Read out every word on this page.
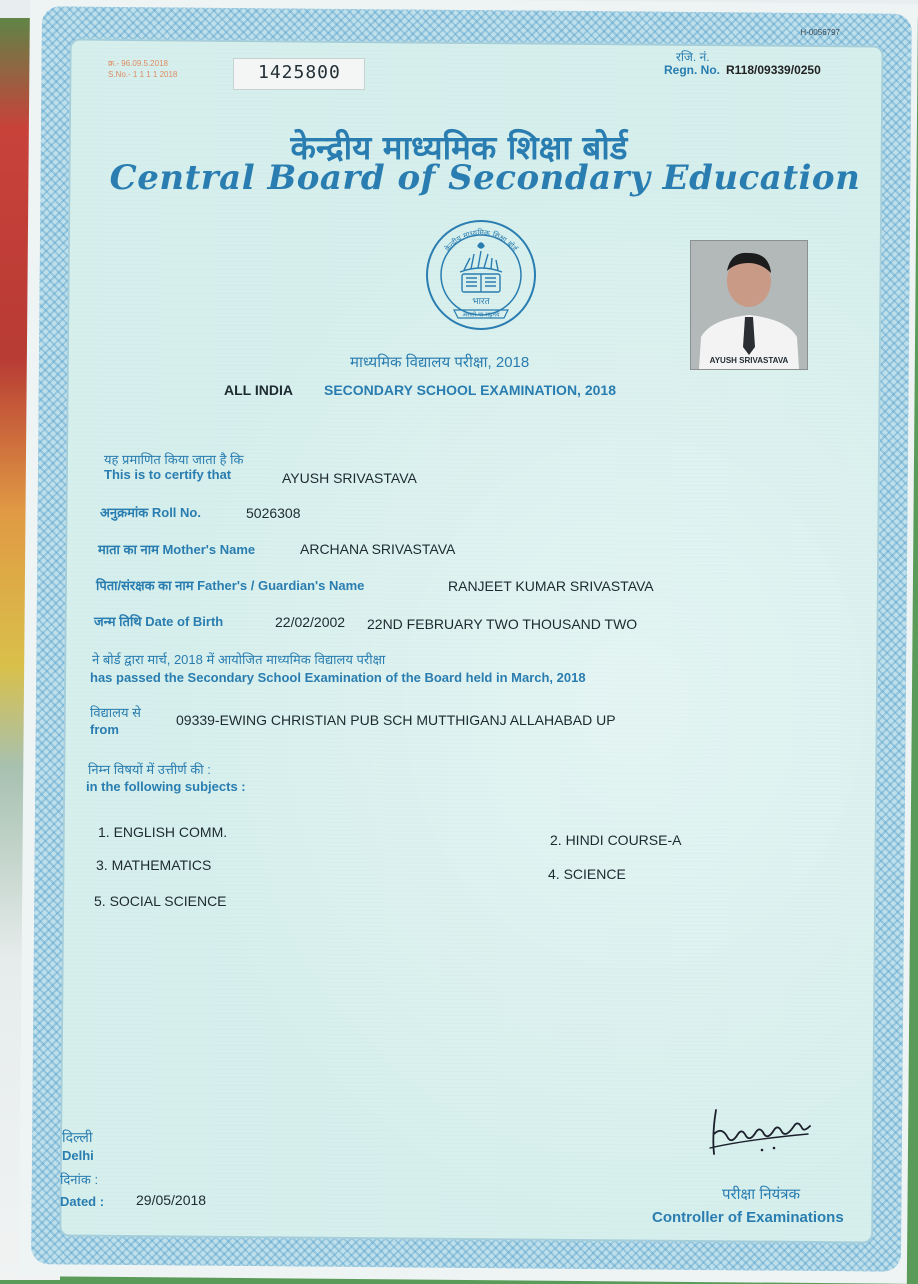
H-0056797
क्र.- 96.09.5.2018
S.No.- 1 1 1 1 2018	1425800
रजि. नं.
Regn. No. R118/09339/0250
केन्द्रीय माध्यमिक शिक्षा बोर्ड
Central Board of Secondary Education
केन्द्रीय माध्यमिक शिक्षा बोर्ड
भारत
असतो मा सद्गमय
AYUSH SRIVASTAVA
माध्यमिक विद्यालय परीक्षा, 2018
ALL INDIA SECONDARY SCHOOL EXAMINATION, 2018
यह प्रमाणित किया जाता है कि
This is to certify that	AYUSH SRIVASTAVA
अनुक्रमांक Roll No.	5026308
माता का नाम Mother's Name	ARCHANA SRIVASTAVA
पिता/संरक्षक का नाम Father's / Guardian's Name	RANJEET KUMAR SRIVASTAVA
जन्म तिथि Date of Birth	22/02/2002 22ND FEBRUARY TWO THOUSAND TWO
ने बोर्ड द्वारा मार्च, 2018 में आयोजित माध्यमिक विद्यालय परीक्षा
has passed the Secondary School Examination of the Board held in March, 2018
विद्यालय से
from
09339-EWING CHRISTIAN PUB SCH MUTTHIGANJ ALLAHABAD UP
निम्न विषयों में उत्तीर्ण की :
in the following subjects :
1. ENGLISH COMM.	2. HINDI COURSE-A
3. MATHEMATICS
4. SCIENCE
5. SOCIAL SCIENCE
दिल्ली
Delhi
दिनांक :
Dated : 29/05/2018	परीक्षा नियंत्रक
Controller of Examinations
